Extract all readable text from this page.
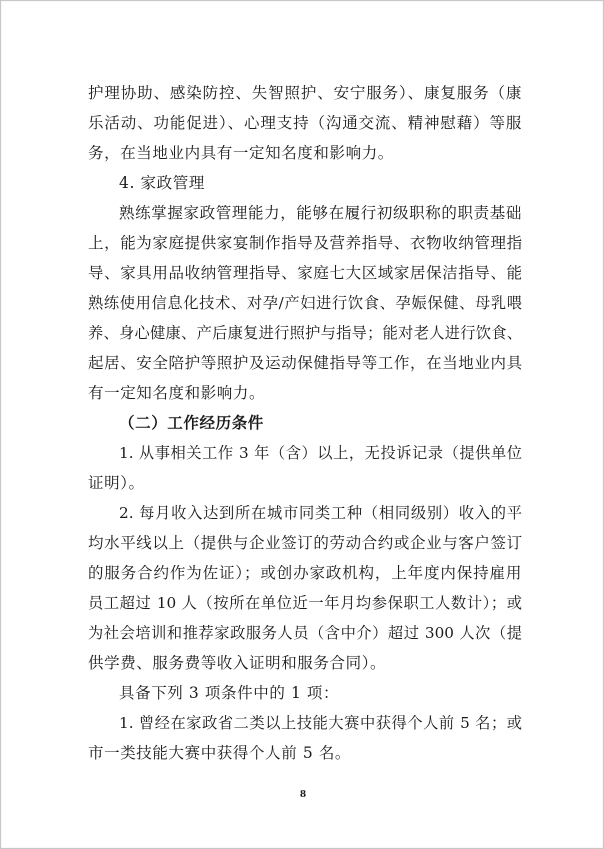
护理协助、感染防控、失智照护、安宁服务）、康复服务（康
乐活动、功能促进）、心理支持（沟通交流、精神慰藉）等服
务，在当地业内具有一定知名度和影响力。
4. 家政管理
熟练掌握家政管理能力，能够在履行初级职称的职责基础
上，能为家庭提供家宴制作指导及营养指导、衣物收纳管理指
导、家具用品收纳管理指导、家庭七大区域家居保洁指导、能
熟练使用信息化技术、对孕/产妇进行饮食、孕娠保健、母乳喂
养、身心健康、产后康复进行照护与指导；能对老人进行饮食、
起居、安全陪护等照护及运动保健指导等工作，在当地业内具
有一定知名度和影响力。
（二）工作经历条件
1. 从事相关工作 3 年（含）以上，无投诉记录（提供单位
证明）。
2. 每月收入达到所在城市同类工种（相同级别）收入的平
均水平线以上（提供与企业签订的劳动合约或企业与客户签订
的服务合约作为佐证）；或创办家政机构，上年度内保持雇用
员工超过 10 人（按所在单位近一年月均参保职工人数计）；或
为社会培训和推荐家政服务人员（含中介）超过 300 人次（提
供学费、服务费等收入证明和服务合同）。
具备下列 3 项条件中的 1 项：
1. 曾经在家政省二类以上技能大赛中获得个人前 5 名；或
市一类技能大赛中获得个人前 5 名。
8
